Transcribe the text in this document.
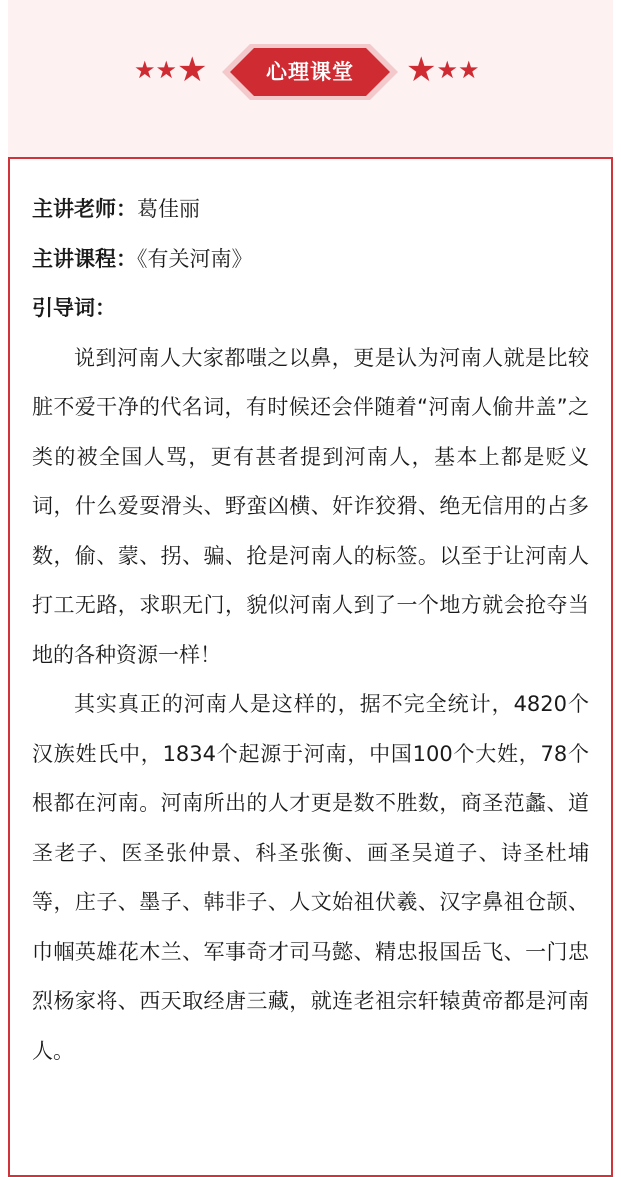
★ ★ ★	心理课堂	★ ★ ★

主讲老师：葛佳丽

主讲课程：《有关河南》

引导词：

说到河南人大家都嗤之以鼻，更是认为河南人就是比较脏不爱干净的代名词，有时候还会伴随着“河南人偷井盖”之类的被全国人骂，更有甚者提到河南人，基本上都是贬义词，什么爱耍滑头、野蛮凶横、奸诈狡猾、绝无信用的占多数，偷、蒙、拐、骗、抢是河南人的标签。以至于让河南人打工无路，求职无门，貌似河南人到了一个地方就会抢夺当地的各种资源一样！

其实真正的河南人是这样的，据不完全统计，4820个汉族姓氏中，1834个起源于河南，中国100个大姓，78个根都在河南。河南所出的人才更是数不胜数，商圣范蠡、道圣老子、医圣张仲景、科圣张衡、画圣吴道子、诗圣杜埔等，庄子、墨子、韩非子、人文始祖伏羲、汉字鼻祖仓颉、巾帼英雄花木兰、军事奇才司马懿、精忠报国岳飞、一门忠烈杨家将、西天取经唐三藏，就连老祖宗轩辕黄帝都是河南人。
